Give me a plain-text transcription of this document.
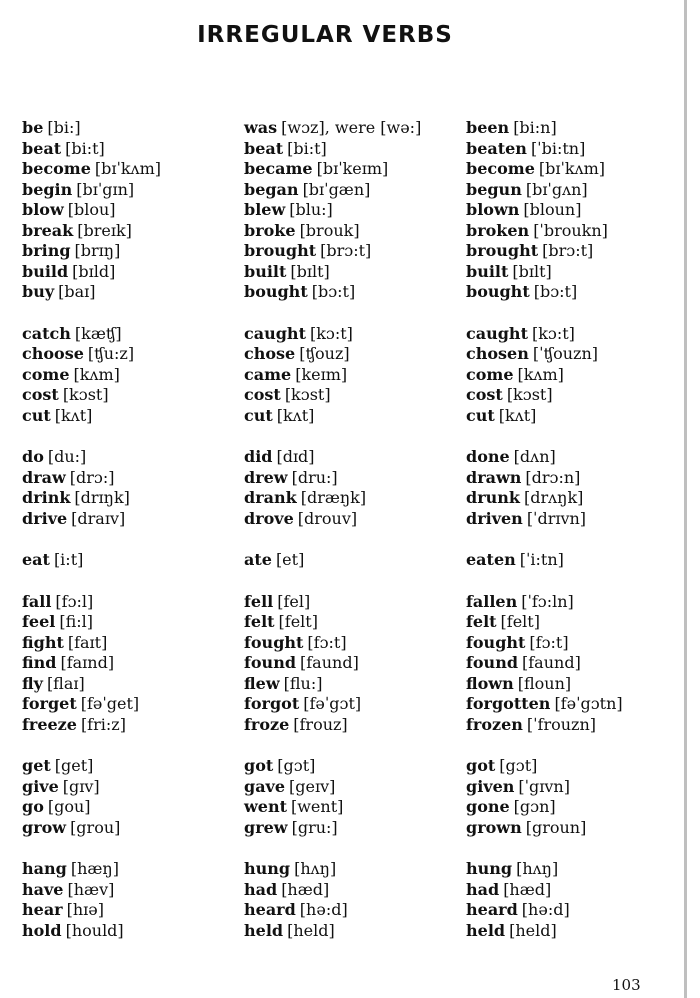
IRREGULAR VERBS
be [bi:]
beat [bi:t]
become [bɪˈkʌm]
begin [bɪˈgɪn]
blow [blou]
break [breɪk]
bring [brɪŋ]
build [bɪld]
buy [baɪ]
was [wɔz], were [wə:]
beat [bi:t]
became [bɪˈkeɪm]
began [bɪˈgæn]
blew [blu:]
broke [brouk]
brought [brɔ:t]
built [bɪlt]
bought [bɔ:t]
been [bi:n]
beaten [ˈbi:tn]
become [bɪˈkʌm]
begun [bɪˈgʌn]
blown [bloun]
broken [ˈbroukn]
brought [brɔ:t]
built [bɪlt]
bought [bɔ:t]
catch [kæʧ]
choose [ʧu:z]
come [kʌm]
cost [kɔst]
cut [kʌt]
caught [kɔ:t]
chose [ʧouz]
came [keɪm]
cost [kɔst]
cut [kʌt]
caught [kɔ:t]
chosen [ˈʧouzn]
come [kʌm]
cost [kɔst]
cut [kʌt]
do [du:]
draw [drɔ:]
drink [drɪŋk]
drive [draɪv]
did [dɪd]
drew [dru:]
drank [dræŋk]
drove [drouv]
done [dʌn]
drawn [drɔ:n]
drunk [drʌŋk]
driven [ˈdrɪvn]
eat [i:t]	ate [et]	eaten [ˈi:tn]
fall [fɔ:l]
feel [fi:l]
fight [faɪt]
find [faɪnd]
fly [flaɪ]
forget [fəˈget]
freeze [fri:z]
fell [fel]
felt [felt]
fought [fɔ:t]
found [faund]
flew [flu:]
forgot [fəˈgɔt]
froze [frouz]
fallen [ˈfɔ:ln]
felt [felt]
fought [fɔ:t]
found [faund]
flown [floun]
forgotten [fəˈgɔtn]
frozen [ˈfrouzn]
get [get]
give [gɪv]
go [gou]
grow [grou]
got [gɔt]
gave [geɪv]
went [went]
grew [gru:]
got [gɔt]
given [ˈgɪvn]
gone [gɔn]
grown [groun]
hang [hæŋ]
have [hæv]
hear [hɪə]
hold [hould]
hung [hʌŋ]
had [hæd]
heard [hə:d]
held [held]
hung [hʌŋ]
had [hæd]
heard [hə:d]
held [held]
103
